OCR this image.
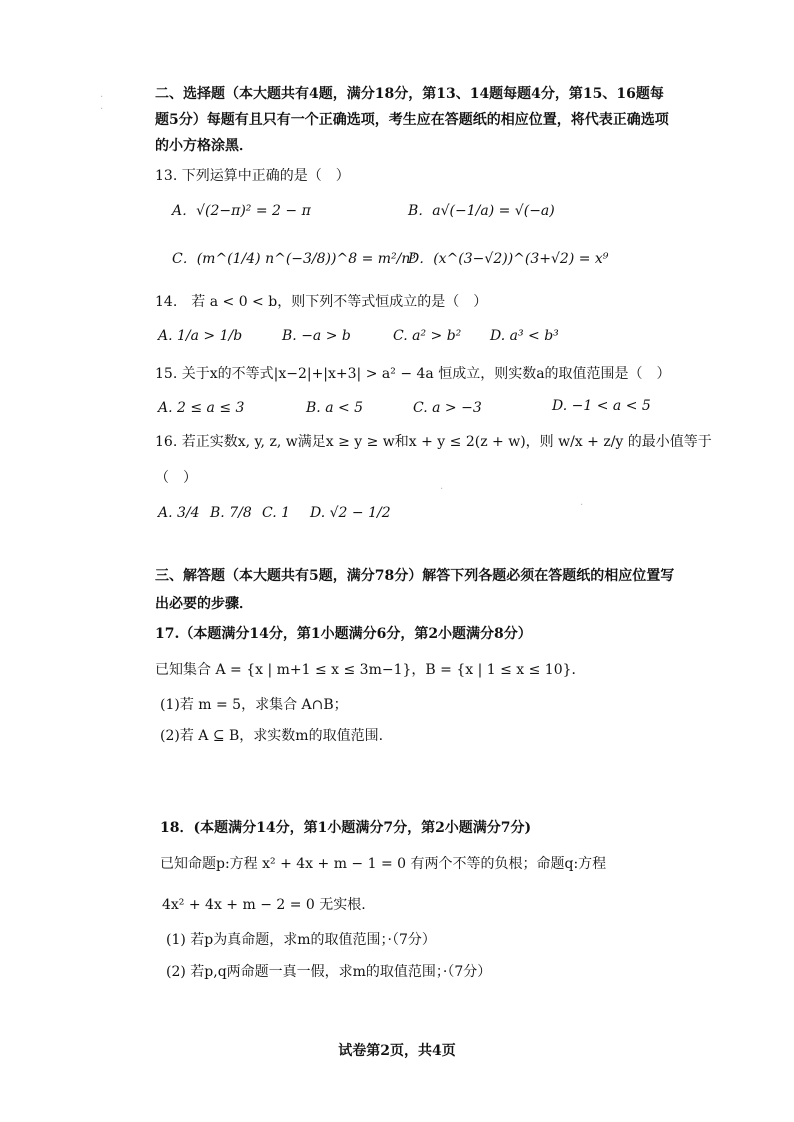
二、选择题（本大题共有4题，满分18分，第13、14题每题4分，第15、16题每
题5分）每题有且只有一个正确选项，考生应在答题纸的相应位置，将代表正确选项
的小方格涂黑．
13. 下列运算中正确的是（　）
A．√(2−π)² = 2 − π	B．a√(−1/a) = √(−a)
C．(m^(1/4) n^(−3/8))^8 = m²/n³
D．(x^(3−√2))^(3+√2) = x⁹
14.　若 a < 0 < b，则下列不等式恒成立的是（　）
A. 1/a > 1/b	B. −a > b	C. a² > b² D. a³ < b³
15. 关于x的不等式|x−2|+|x+3| > a² − 4a 恒成立，则实数a的取值范围是（　）
A. 2 ≤ a ≤ 3	B. a < 5	C. a > −3	D. −1 < a < 5
16. 若正实数x, y, z, w满足x ≥ y ≥ w和x + y ≤ 2(z + w)，则 w/x + z/y 的最小值等于
（　）
A. 3/4 B. 7/8 C. 1 D. √2 − 1/2
三、解答题（本大题共有5题，满分78分）解答下列各题必须在答题纸的相应位置写
出必要的步骤．
17.（本题满分14分，第1小题满分6分，第2小题满分8分）
已知集合 A = {x | m+1 ≤ x ≤ 3m−1}，B = {x | 1 ≤ x ≤ 10}．
(1)若 m = 5，求集合 A∩B；
(2)若 A ⊆ B，求实数m的取值范围.
18．(本题满分14分，第1小题满分7分，第2小题满分7分)
已知命题p:方程 x² + 4x + m − 1 = 0 有两个不等的负根；命题q:方程
4x² + 4x + m − 2 = 0 无实根.
(1) 若p为真命题，求m的取值范围；·（7分）
(2) 若p,q两命题一真一假，求m的取值范围；·（7分）
试卷第2页，共4页
·
·
·
·
